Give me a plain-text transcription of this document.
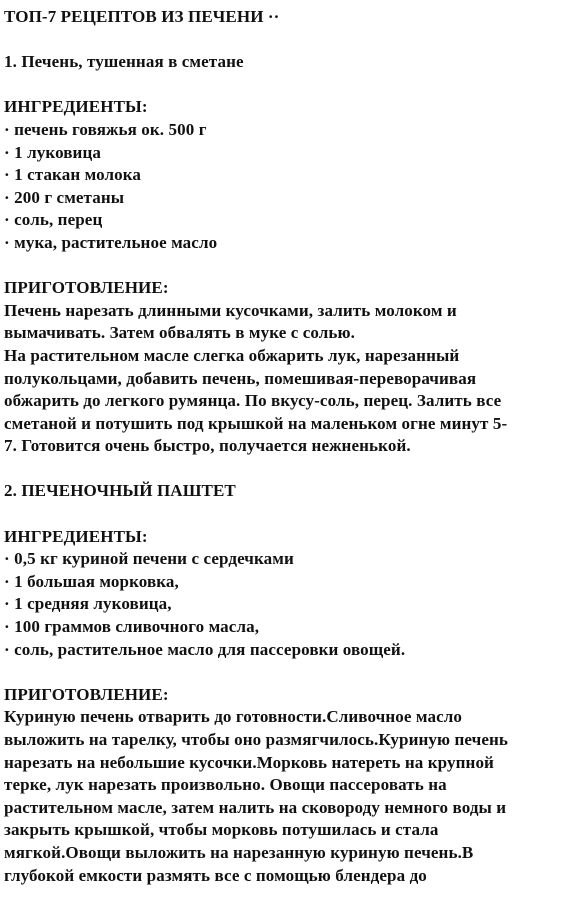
ТОП-7 РЕЦЕПТОВ ИЗ ПЕЧЕНИ ··
1. Печень, тушенная в сметане
ИНГРЕДИЕНТЫ:
· печень говяжья ок. 500 г
· 1 луковица
· 1 стакан молока
· 200 г сметаны
· соль, перец
· мука, растительное масло
ПРИГОТОВЛЕНИЕ:
Печень нарезать длинными кусочками, залить молоком и
вымачивать. Затем обвалять в муке с солью.
На растительном масле слегка обжарить лук, нарезанный
полукольцами, добавить печень, помешивая-переворачивая
обжарить до легкого румянца. По вкусу-соль, перец. Залить все
сметаной и потушить под крышкой на маленьком огне минут 5-
7. Готовится очень быстро, получается нежненькой.
2. ПЕЧЕНОЧНЫЙ ПАШТЕТ
ИНГРЕДИЕНТЫ:
· 0,5 кг куриной печени с сердечками
· 1 большая морковка,
· 1 средняя луковица,
· 100 граммов сливочного масла,
· соль, растительное масло для пассеровки овощей.
ПРИГОТОВЛЕНИЕ:
Куриную печень отварить до готовности.Сливочное масло
выложить на тарелку, чтобы оно размягчилось.Куриную печень
нарезать на небольшие кусочки.Морковь натереть на крупной
терке, лук нарезать произвольно. Овощи пассеровать на
растительном масле, затем налить на сковороду немного воды и
закрыть крышкой, чтобы морковь потушилась и стала
мягкой.Овощи выложить на нарезанную куриную печень.В
глубокой емкости размять все с помощью блендера до
